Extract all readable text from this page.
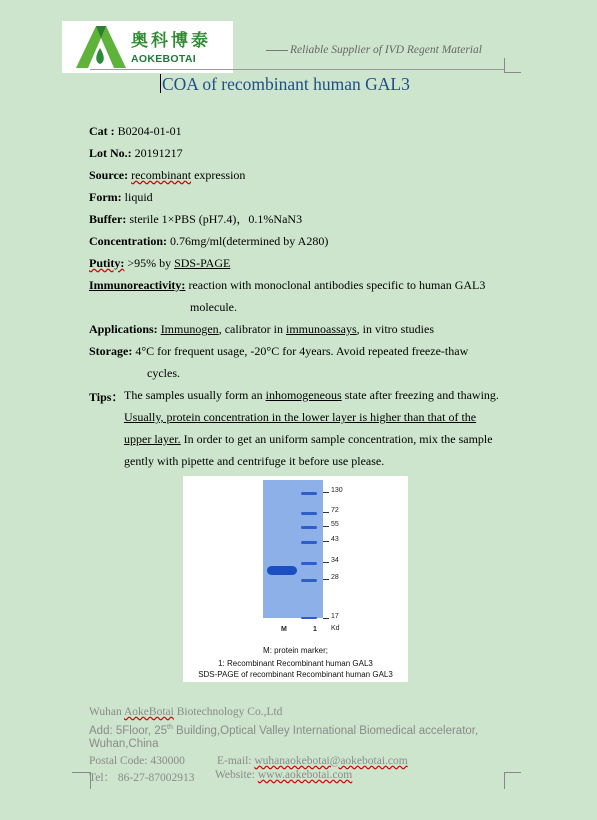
奥科博泰
AOKEBOTAI
Reliable Supplier of IVD Regent Material
COA of recombinant human GAL3
Cat : B0204-01-01
Lot No.: 20191217
Source: recombinant expression
Form: liquid
Buffer: sterile 1×PBS (pH7.4)，0.1%NaN3
Concentration: 0.76mg/ml(determined by A280)
Putity: >95% by SDS-PAGE
Immunoreactivity: reaction with monoclonal antibodies specific to human GAL3
molecule.
Applications: Immunogen, calibrator in immunoassays, in vitro studies
Storage: 4°C for frequent usage, -20°C for 4years. Avoid repeated freeze-thaw
cycles.
Tips： The samples usually form an inhomogeneous state after freezing and thawing.
Usually, protein concentration in the lower layer is higher than that of the
upper layer. In order to get an uniform sample concentration, mix the sample
gently with pipette and centrifuge it before use please.
130
72
55
43
34
28
17
Kd
M	1
M: protein marker;
1: Recombinant Recombinant human GAL3
SDS-PAGE of recombinant Recombinant human GAL3
Wuhan AokeBotai Biotechnology Co.,Ltd
Add: 5Floor, 25th Building,Optical Valley International Biomedical accelerator,
Wuhan,China
Postal Code: 430000	E-mail: wuhanaokebotai@aokebotai.com
Tel： 86-27-87002913 Website: www.aokebotai.com
